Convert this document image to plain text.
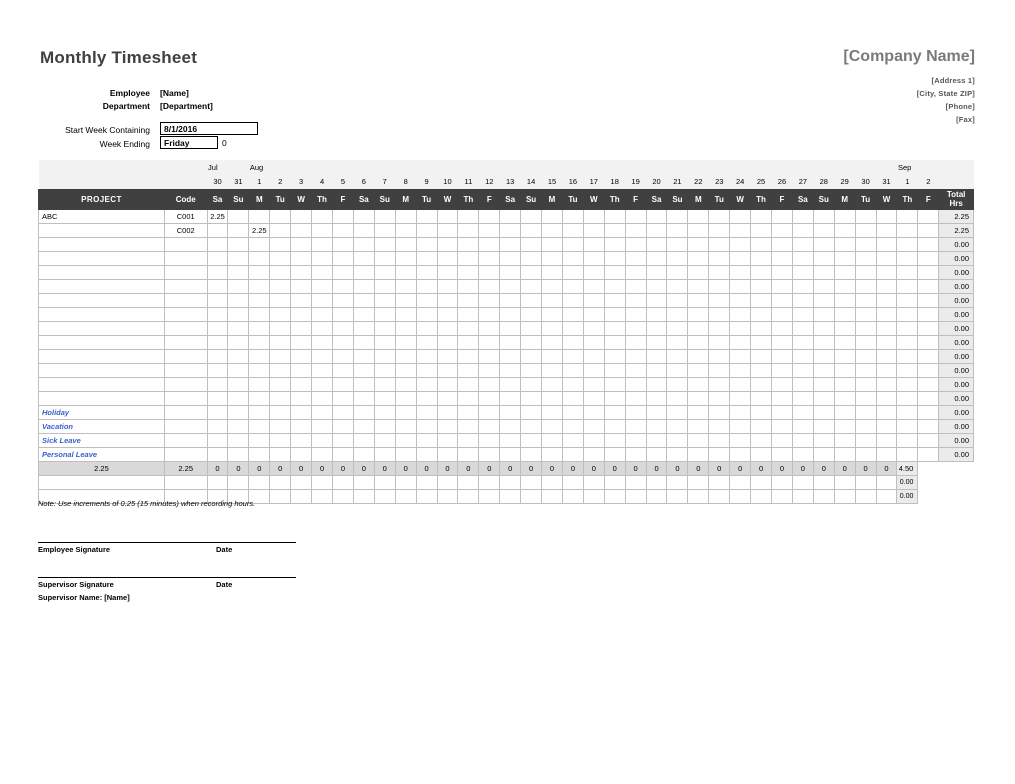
Monthly Timesheet	[Company Name]
[Address 1]
[City, State ZIP]
[Phone]
[Fax]
Employee [Name]
Department [Department]
Start Week Containing	8/1/2016
Week Ending	Friday	0
		Jul		Aug																															Sep		
		30	31	1	2	3	4	5	6	7	8	9	10	11	12	13	14	15	16	17	18	19	20	21	22	23	24	25	26	27	28	29	30	31	1	2	
PROJECT	Code	Sa	Su	M	Tu	W	Th	F	Sa	Su	M	Tu	W	Th	F	Sa	Su	M	Tu	W	Th	F	Sa	Su	M	Tu	W	Th	F	Sa	Su	M	Tu	W	Th	F	Total
Hrs

ABC	C001	2.25																																			2.25
	C002			2.25																																	2.25
																																					0.00
																																					0.00
																																					0.00
																																					0.00
																																					0.00
																																					0.00
																																					0.00
																																					0.00
																																					0.00
																																					0.00
																																					0.00
																																					0.00
Holiday																																					0.00
Vacation																																					0.00
Sick Leave																																					0.00
Personal Leave																																					0.00
2.25	2.25	0	0	0	0	0	0	0	0	0	0	0	0	0	0	0	0	0	0	0	0	0	0	0	0	0	0	0	0	0	0	0	0	0	4.50		
																																			0.00		
																																			0.00		
Note: Use increments of 0.25 (15 minutes) when recording hours.
Employee Signature	Date
Supervisor Signature	Date
Supervisor Name: [Name]
